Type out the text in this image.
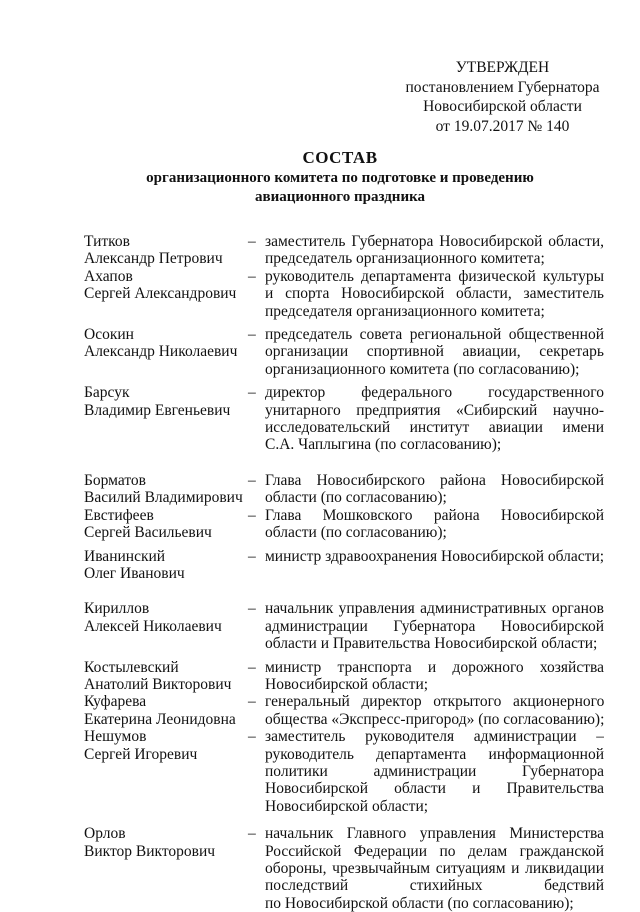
УТВЕРЖДЕН
постановлением Губернатора
Новосибирской области
от 19.07.2017 № 140
СОСТАВ
организационного комитета по подготовке и проведению
авиационного праздника
Титков
Александр Петрович
– заместитель Губернатора Новосибирской области,
председатель организационного комитета;
Ахапов
Сергей Александрович
– руководитель департамента физической культуры
и спорта Новосибирской области, заместитель
председателя организационного комитета;
Осокин
Александр Николаевич
– председатель совета региональной общественной
организации спортивной авиации, секретарь
организационного комитета (по согласованию);
Барсук
Владимир Евгеньевич
– директор федерального государственного
унитарного предприятия «Сибирский научно-
исследовательский институт авиации имени
С.А. Чаплыгина (по согласованию);
Борматов
Василий Владимирович
– Глава Новосибирского района Новосибирской
области (по согласованию);
Евстифеев
Сергей Васильевич
– Глава Мошковского района Новосибирской
области (по согласованию);
Иванинский
Олег Иванович
– министр здравоохранения Новосибирской области;
Кириллов
Алексей Николаевич
– начальник управления административных органов
администрации Губернатора Новосибирской
области и Правительства Новосибирской области;
Костылевский
Анатолий Викторович
– министр транспорта и дорожного хозяйства
Новосибирской области;
Куфарева
Екатерина Леонидовна
– генеральный директор открытого акционерного
общества «Экспресс-пригород» (по согласованию);
Нешумов
Сергей Игоревич
– заместитель руководителя администрации –
руководитель департамента информационной
политики администрации Губернатора
Новосибирской области и Правительства
Новосибирской области;
Орлов
Виктор Викторович
– начальник Главного управления Министерства
Российской Федерации по делам гражданской
обороны, чрезвычайным ситуациям и ликвидации
последствий стихийных бедствий
по Новосибирской области (по согласованию);
